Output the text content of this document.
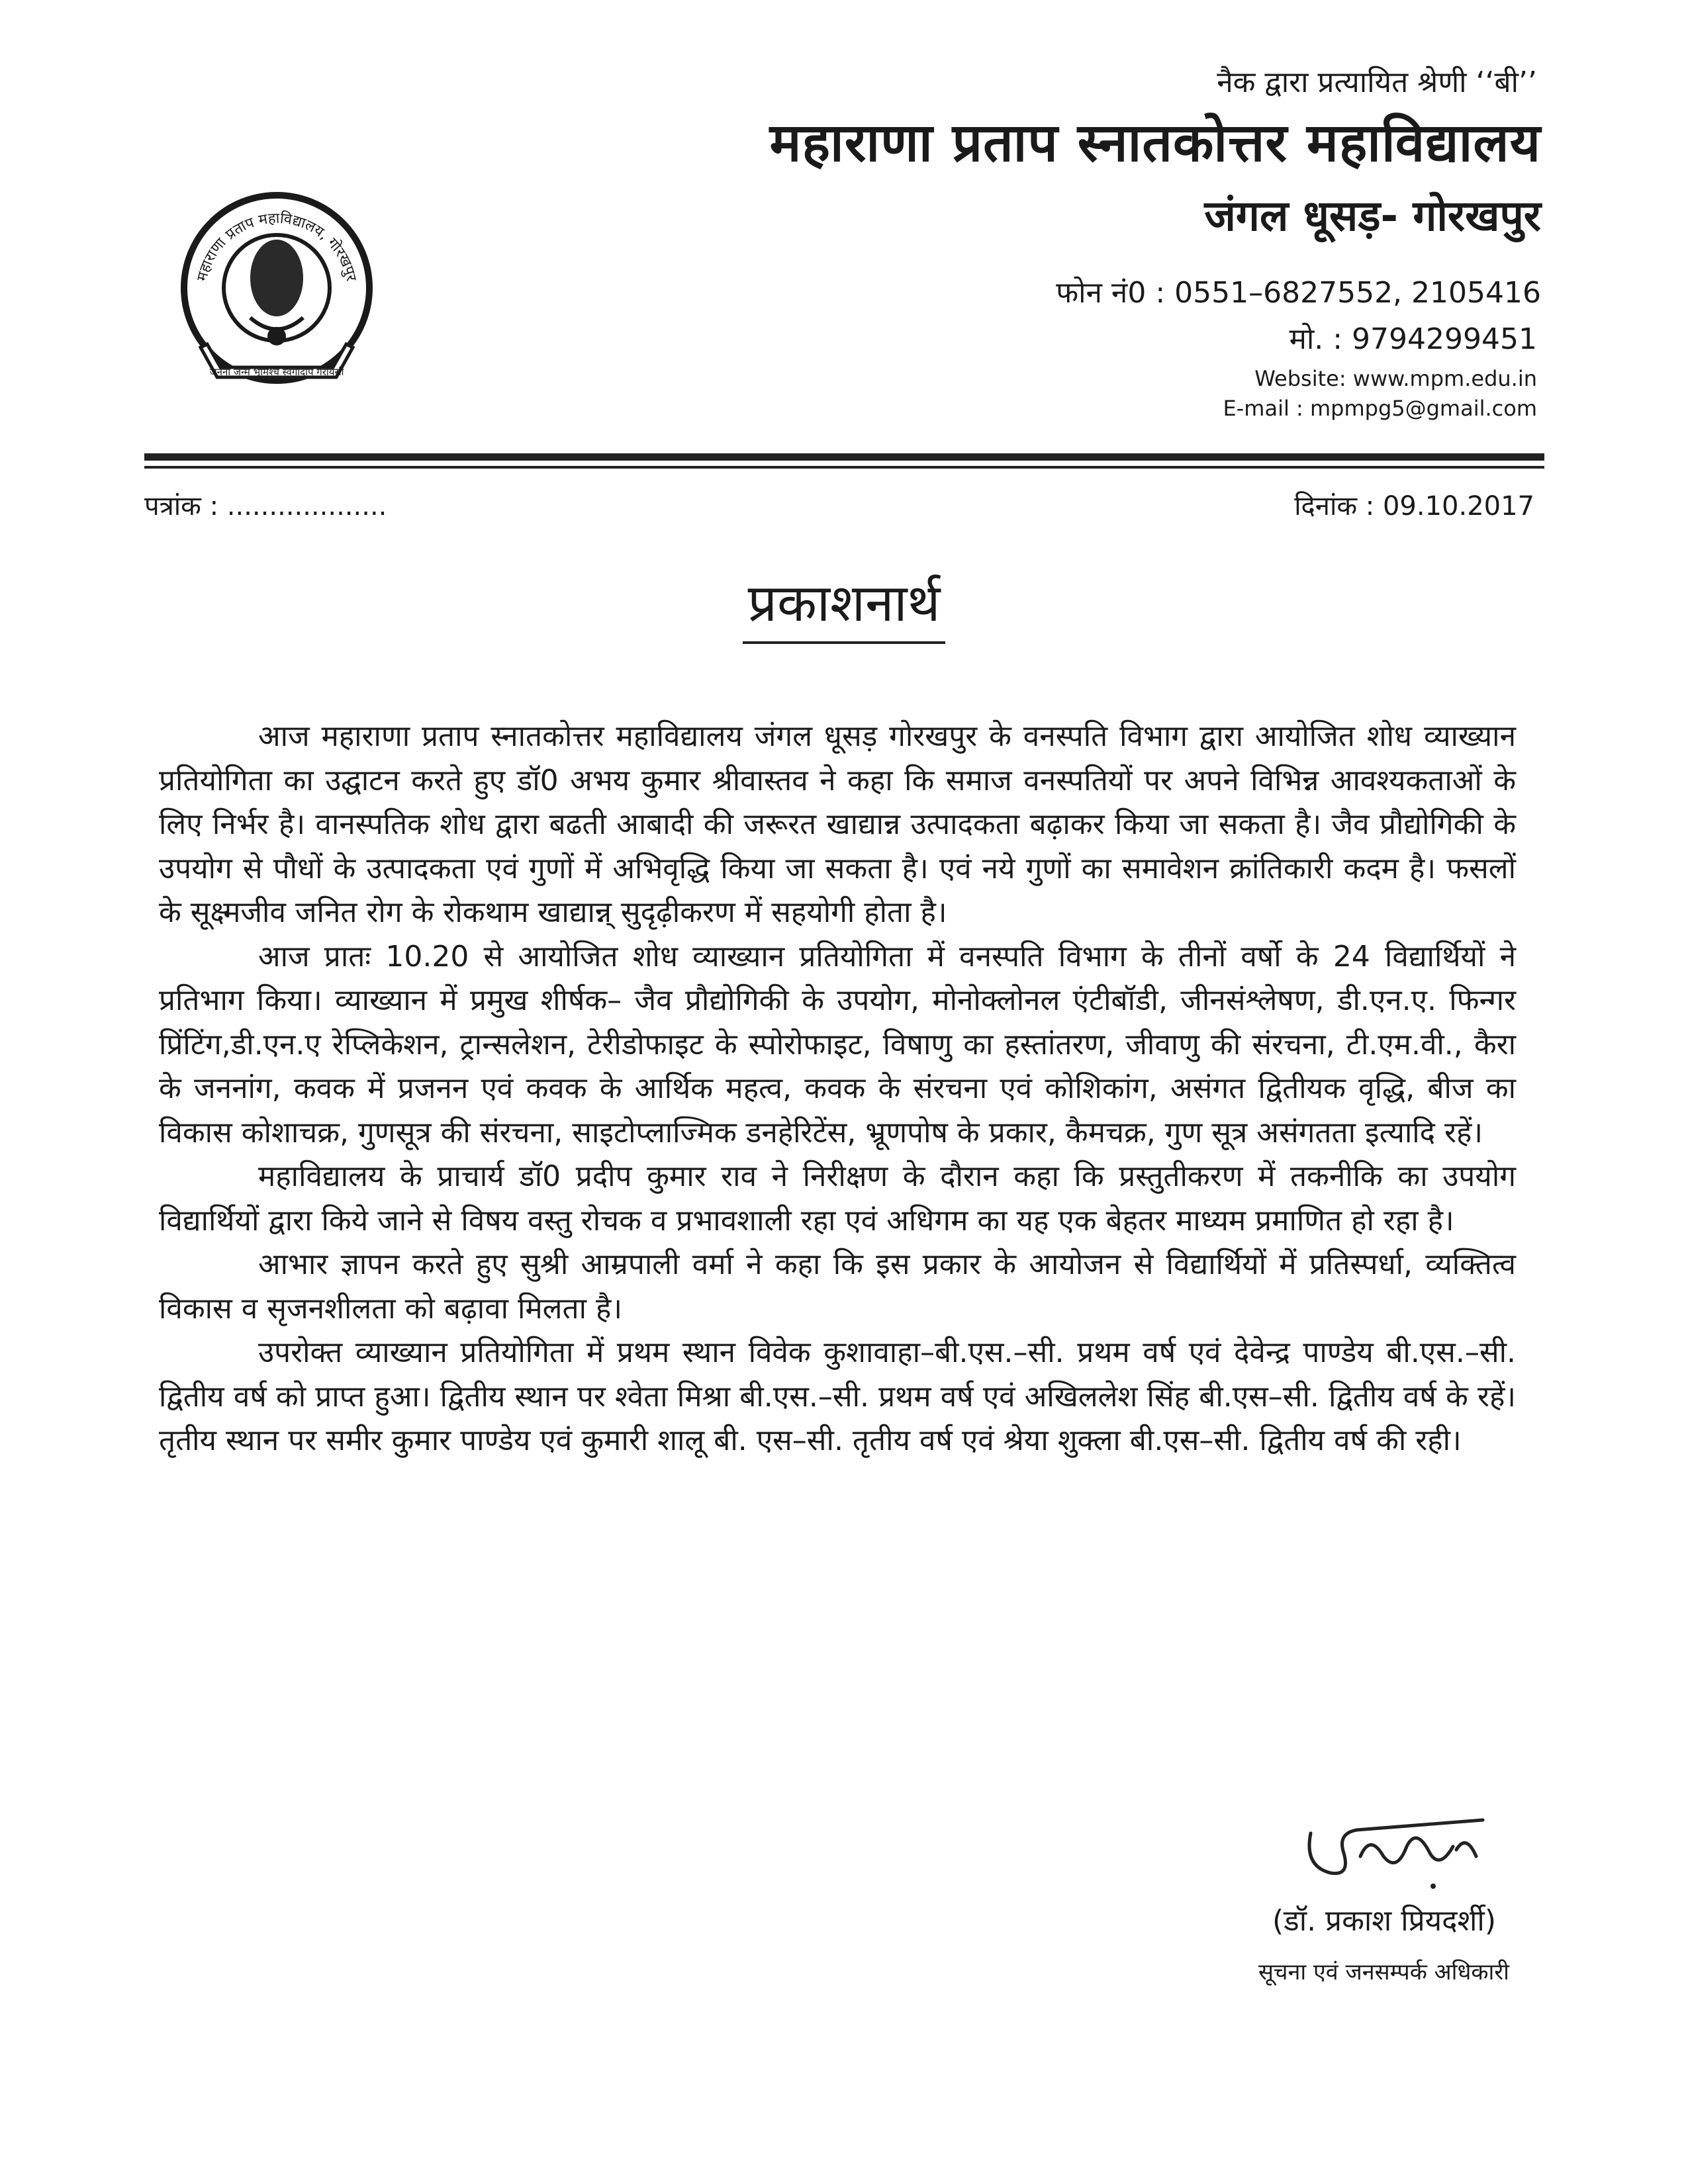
महाराणा प्रताप महाविद्यालय, गोरखपुर
जननी जन्म भूमिश्च स्वर्गादपि गरीयसी
नैक द्वारा प्रत्यायित श्रेणी ‘‘बी’’
महाराणा प्रताप स्नातकोत्तर महाविद्यालय
जंगल धूसड़- गोरखपुर
फोन नं0 : 0551–6827552, 2105416
मो. : 9794299451
Website: www.mpm.edu.in
E-mail : mpmpg5@gmail.com
पत्रांक : ...................	दिनांक : 09.10.2017
प्रकाशनार्थ

आज महाराणा प्रताप स्नातकोत्तर महाविद्यालय जंगल धूसड़ गोरखपुर के वनस्पति विभाग द्वारा आयोजित शोध व्याख्यान प्रतियोगिता का उद्घाटन करते हुए डॉ0 अभय कुमार श्रीवास्तव ने कहा कि समाज वनस्पतियों पर अपने विभिन्न आवश्यकताओं के लिए निर्भर है। वानस्पतिक शोध द्वारा बढती आबादी की जरूरत खाद्यान्न उत्पादकता बढ़ाकर किया जा सकता है। जैव प्रौद्योगिकी के उपयोग से पौधों के उत्पादकता एवं गुणों में अभिवृद्धि किया जा सकता है। एवं नये गुणों का समावेशन क्रांतिकारी कदम है। फसलों के सूक्ष्मजीव जनित रोग के रोकथाम खाद्यान्न् सुदृढ़ीकरण में सहयोगी होता है।

आज प्रातः 10.20 से आयोजित शोध व्याख्यान प्रतियोगिता में वनस्पति विभाग के तीनों वर्षो के 24 विद्यार्थियों ने प्रतिभाग किया। व्याख्यान में प्रमुख शीर्षक– जैव प्रौद्योगिकी के उपयोग, मोनोक्लोनल एंटीबॉडी, जीनसंश्लेषण, डी.एन.ए. फिन्गर प्रिंटिंग,डी.एन.ए रेप्लिकेशन, ट्रान्सलेशन, टेरीडोफाइट के स्पोरोफाइट, विषाणु का हस्तांतरण, जीवाणु की संरचना, टी.एम.वी., कैरा के जननांग, कवक में प्रजनन एवं कवक के आर्थिक महत्व, कवक के संरचना एवं कोशिकांग, असंगत द्वितीयक वृद्धि, बीज का विकास कोशाचक्र, गुणसूत्र की संरचना, साइटोप्लाज्मिक डनहेरिटेंस, भ्रूणपोष के प्रकार, कैमचक्र, गुण सूत्र असंगतता इत्यादि रहें।

महाविद्यालय के प्राचार्य डॉ0 प्रदीप कुमार राव ने निरीक्षण के दौरान कहा कि प्रस्तुतीकरण में तकनीकि का उपयोग विद्यार्थियों द्वारा किये जाने से विषय वस्तु रोचक व प्रभावशाली रहा एवं अधिगम का यह एक बेहतर माध्यम प्रमाणित हो रहा है।

आभार ज्ञापन करते हुए सुश्री आम्रपाली वर्मा ने कहा कि इस प्रकार के आयोजन से विद्यार्थियों में प्रतिस्पर्धा, व्यक्तित्व विकास व सृजनशीलता को बढ़ावा मिलता है।

उपरोक्त व्याख्यान प्रतियोगिता में प्रथम स्थान विवेक कुशावाहा–बी.एस.–सी. प्रथम वर्ष एवं देवेन्द्र पाण्डेय बी.एस.–सी. द्वितीय वर्ष को प्राप्त हुआ। द्वितीय स्थान पर श्वेता मिश्रा बी.एस.–सी. प्रथम वर्ष एवं अखिललेश सिंह बी.एस–सी. द्वितीय वर्ष के रहें। तृतीय स्थान पर समीर कुमार पाण्डेय एवं कुमारी शालू बी. एस–सी. तृतीय वर्ष एवं श्रेया शुक्ला बी.एस–सी. द्वितीय वर्ष की रही।

(डॉ. प्रकाश प्रियदर्शी)
सूचना एवं जनसम्पर्क अधिकारी
